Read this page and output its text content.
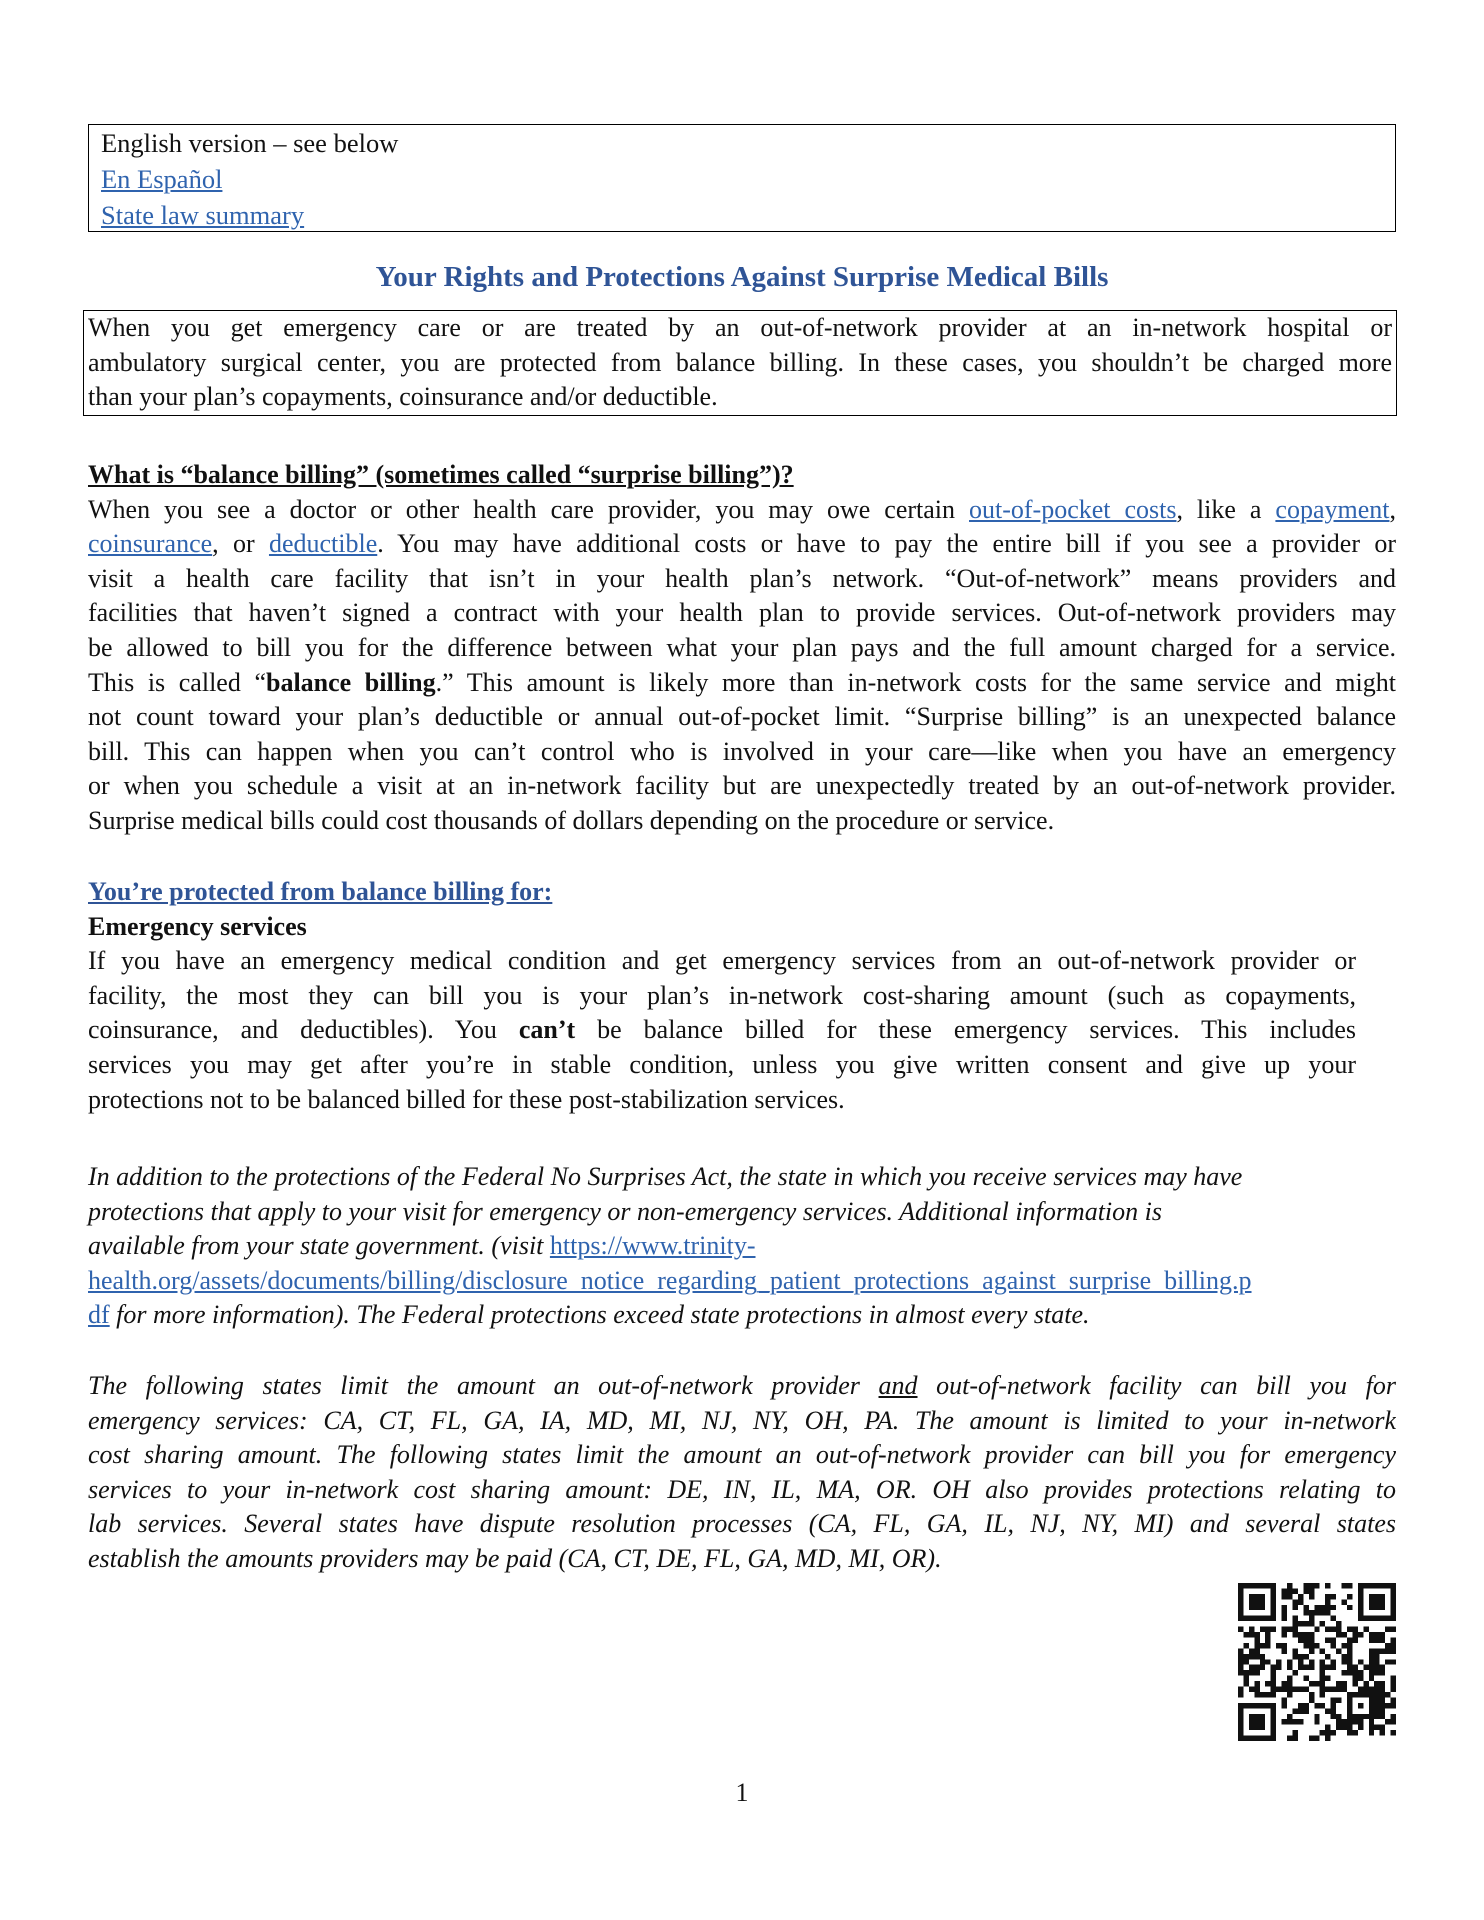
English version – see below
En Español
State law summary
Your Rights and Protections Against Surprise Medical Bills
When you get emergency care or are treated by an out-of-network provider at an in-network hospital or
ambulatory surgical center, you are protected from balance billing. In these cases, you shouldn’t be charged more
than your plan’s copayments, coinsurance and/or deductible.
What is “balance billing” (sometimes called “surprise billing”)?
When you see a doctor or other health care provider, you may owe certain out-of-pocket costs, like a copayment,
coinsurance, or deductible. You may have additional costs or have to pay the entire bill if you see a provider or
visit a health care facility that isn’t in your health plan’s network. “Out-of-network” means providers and
facilities that haven’t signed a contract with your health plan to provide services. Out-of-network providers may
be allowed to bill you for the difference between what your plan pays and the full amount charged for a service.
This is called “balance billing.” This amount is likely more than in-network costs for the same service and might
not count toward your plan’s deductible or annual out-of-pocket limit. “Surprise billing” is an unexpected balance
bill. This can happen when you can’t control who is involved in your care—like when you have an emergency
or when you schedule a visit at an in-network facility but are unexpectedly treated by an out-of-network provider.
Surprise medical bills could cost thousands of dollars depending on the procedure or service.
You’re protected from balance billing for:
Emergency services
If you have an emergency medical condition and get emergency services from an out-of-network provider or
facility, the most they can bill you is your plan’s in-network cost-sharing amount (such as copayments,
coinsurance, and deductibles). You can’t be balance billed for these emergency services. This includes
services you may get after you’re in stable condition, unless you give written consent and give up your
protections not to be balanced billed for these post-stabilization services.
In addition to the protections of the Federal No Surprises Act, the state in which you receive services may have
protections that apply to your visit for emergency or non-emergency services. Additional information is
available from your state government. (visit https://www.trinity-
health.org/assets/documents/billing/disclosure_notice_regarding_patient_protections_against_surprise_billing.p
df for more information). The Federal protections exceed state protections in almost every state.
The following states limit the amount an out-of-network provider and out-of-network facility can bill you for
emergency services: CA, CT, FL, GA, IA, MD, MI, NJ, NY, OH, PA. The amount is limited to your in-network
cost sharing amount. The following states limit the amount an out-of-network provider can bill you for emergency
services to your in-network cost sharing amount: DE, IN, IL, MA, OR. OH also provides protections relating to
lab services. Several states have dispute resolution processes (CA, FL, GA, IL, NJ, NY, MI) and several states
establish the amounts providers may be paid (CA, CT, DE, FL, GA, MD, MI, OR).
1
